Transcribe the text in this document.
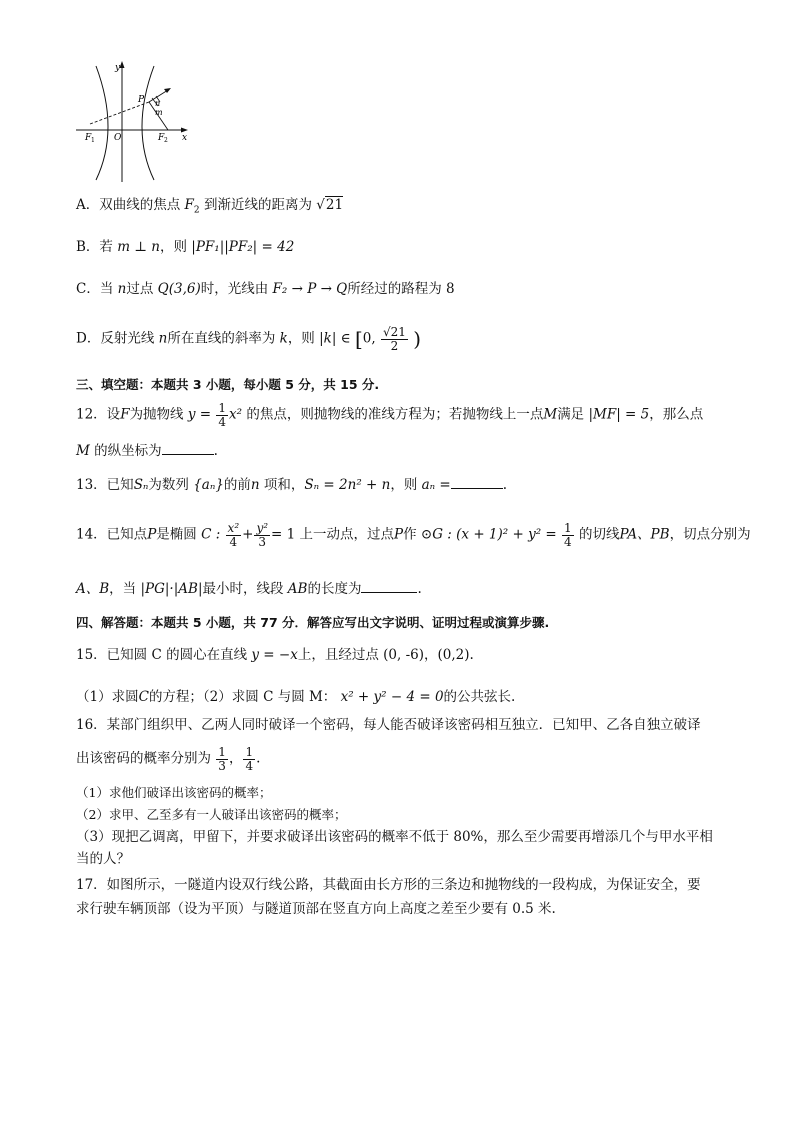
y
x
O
F 1	F 2
P n
m
A．双曲线的焦点 $F_2$ 到渐近线的距离为 √21
B．若 m ⊥ n，则 |PF₁||PF₂| = 42
C．当 n过点 Q(3,6)时，光线由 F₂ → P → Q所经过的路程为 8
D．反射光线 n所在直线的斜率为 k，则 |k| ∈ [0, $\frac{√21}{2}$ )
三、填空题：本题共 3 小题，每小题 5 分，共 15 分.
12．设F为抛物线 $y = \frac{1}{4} x^2$ 的焦点，则抛物线的准线方程为；若抛物线上一点M满足 |MF| = 5，那么点
M 的纵坐标为	.
13．已知Sₙ为数列 {aₙ}的前n 项和，Sₙ = 2n² + n，则 aₙ =	.
14．已知点P是椭圆 C : $\frac{\text{x²}}{4} + \frac{\text{y²}}{3} = 1$ 上一动点，过点P作 ⊙G : $(x + 1)^2 + y^2 = \frac{1}{4}$ 的切线PA、PB，切点分别为
A、B，当 |PG|·|AB|最小时，线段 AB的长度为	.
四、解答题：本题共 5 小题，共 77 分．解答应写出文字说明、证明过程或演算步骤.
15．已知圆 C 的圆心在直线 y = −x上，且经过点 (0, -6)，(0,2).
（1）求圆C的方程；（2）求圆 C 与圆 M： x² + y² − 4 = 0的公共弦长.
16．某部门组织甲、乙两人同时破译一个密码，每人能否破译该密码相互独立．已知甲、乙各自独立破译
出该密码的概率分别为 $\frac{1}{3}$ ， $\frac{1}{4}$ .
（1）求他们破译出该密码的概率；
（2）求甲、乙至多有一人破译出该密码的概率；
（3）现把乙调离，甲留下，并要求破译出该密码的概率不低于 80%，那么至少需要再增添几个与甲水平相
当的人？
17．如图所示，一隧道内设双行线公路，其截面由长方形的三条边和抛物线的一段构成，为保证安全，要
求行驶车辆顶部（设为平顶）与隧道顶部在竖直方向上高度之差至少要有 0.5 米.
